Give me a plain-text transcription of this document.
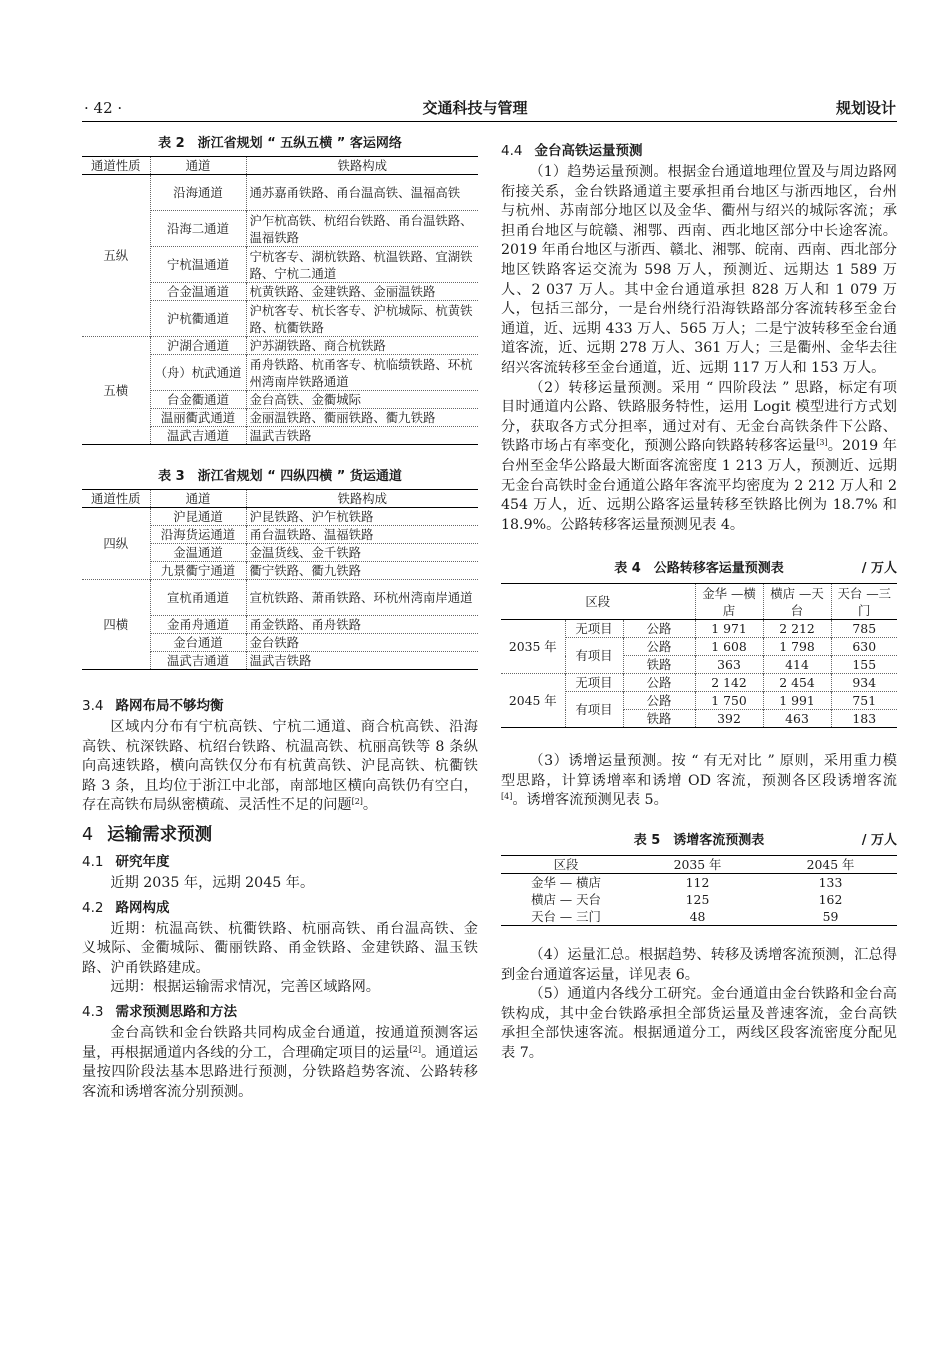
· 42 ·	交通科技与管理	规划设计
表 2　浙江省规划 “ 五纵五横 ” 客运网络
通道性质	通道	铁路构成
五纵	沿海通道	通苏嘉甬铁路、甬台温高铁、温福高铁
	沿海二通道	沪乍杭高铁、杭绍台铁路、甬台温铁路、温福铁路
	宁杭温通道	宁杭客专、湖杭铁路、杭温铁路、宜湖铁路、宁杭二通道
	合金温通道	杭黄铁路、金建铁路、金丽温铁路
	沪杭衢通道	沪杭客专、杭长客专、沪杭城际、杭黄铁路、杭衢铁路
五横	沪湖合通道	沪苏湖铁路、商合杭铁路
	（舟）杭武通道	甬舟铁路、杭甬客专、杭临绩铁路、环杭州湾南岸铁路通道
	台金衢通道	金台高铁、金衢城际
	温丽衢武通道	金丽温铁路、衢丽铁路、衢九铁路
	温武吉通道	温武吉铁路
表 3　浙江省规划 “ 四纵四横 ” 货运通道
通道性质	通道	铁路构成
四纵	沪昆通道	沪昆铁路、沪乍杭铁路
	沿海货运通道	甬台温铁路、温福铁路
	金温通道	金温货线、金千铁路
	九景衢宁通道	衢宁铁路、衢九铁路
四横	宣杭甬通道	宣杭铁路、萧甬铁路、环杭州湾南岸通道
	金甬舟通道	甬金铁路、甬舟铁路
	金台通道	金台铁路
	温武吉通道	温武吉铁路
3.4 路网布局不够均衡

区域内分布有宁杭高铁、宁杭二通道、商合杭高铁、沿海高铁、杭深铁路、杭绍台铁路、杭温高铁、杭丽高铁等 8 条纵向高速铁路，横向高铁仅分布有杭黄高铁、沪昆高铁、杭衢铁路 3 条，且均位于浙江中北部，南部地区横向高铁仍有空白，存在高铁布局纵密横疏、灵活性不足的问题[2]。

4 运输需求预测
4.1 研究年度

近期 2035 年，远期 2045 年。

4.2 路网构成

近期：杭温高铁、杭衢铁路、杭丽高铁、甬台温高铁、金义城际、金衢城际、衢丽铁路、甬金铁路、金建铁路、温玉铁路、沪甬铁路建成。

远期：根据运输需求情况，完善区域路网。

4.3 需求预测思路和方法

金台高铁和金台铁路共同构成金台通道，按通道预测客运量，再根据通道内各线的分工，合理确定项目的运量[2]。通道运量按四阶段法基本思路进行预测，分铁路趋势客流、公路转移客流和诱增客流分别预测。

4.4 金台高铁运量预测

（1）趋势运量预测。根据金台通道地理位置及与周边路网衔接关系，金台铁路通道主要承担甬台地区与浙西地区，台州与杭州、苏南部分地区以及金华、衢州与绍兴的城际客流；承担甬台地区与皖赣、湘鄂、西南、西北地区部分中长途客流。2019 年甬台地区与浙西、赣北、湘鄂、皖南、西南、西北部分地区铁路客运交流为 598 万人，预测近、远期达 1 589 万人、2 037 万人。其中金台通道承担 828 万人和 1 079 万人，包括三部分，一是台州绕行沿海铁路部分客流转移至金台通道，近、远期 433 万人、565 万人；二是宁波转移至金台通道客流，近、远期 278 万人、361 万人；三是衢州、金华去往绍兴客流转移至金台通道，近、远期 117 万人和 153 万人。

（2）转移运量预测。采用 “ 四阶段法 ” 思路，标定有项目时通道内公路、铁路服务特性，运用 Logit 模型进行方式划分，获取各方式分担率，通过对有、无金台高铁条件下公路、铁路市场占有率变化，预测公路向铁路转移客运量[3]。2019 年台州至金华公路最大断面客流密度 1 213 万人，预测近、远期无金台高铁时金台通道公路年客流平均密度为 2 212 万人和 2 454 万人，近、远期公路客运量转移至铁路比例为 18.7% 和 18.9%。公路转移客运量预测见表 4。

表 4　公路转移客运量预测表	/ 万人
区段			金华 —横店	横店 —天台	天台 —三门
2035 年	无项目	公路	1 971	2 212	785
	有项目	公路	1 608	1 798	630
		铁路	363	414	155
2045 年	无项目	公路	2 142	2 454	934
	有项目	公路	1 750	1 991	751
		铁路	392	463	183

（3）诱增运量预测。按 “ 有无对比 ” 原则，采用重力模型思路，计算诱增率和诱增 OD 客流，预测各区段诱增客流[4]。诱增客流预测见表 5。

表 5　诱增客流预测表	/ 万人
区段	2035 年	2045 年
金华 — 横店	112	133
横店 — 天台	125	162
天台 — 三门	48	59

（4）运量汇总。根据趋势、转移及诱增客流预测，汇总得到金台通道客运量，详见表 6。

（5）通道内各线分工研究。金台通道由金台铁路和金台高铁构成，其中金台铁路承担全部货运量及普速客流，金台高铁承担全部快速客流。根据通道分工，两线区段客流密度分配见表 7。
